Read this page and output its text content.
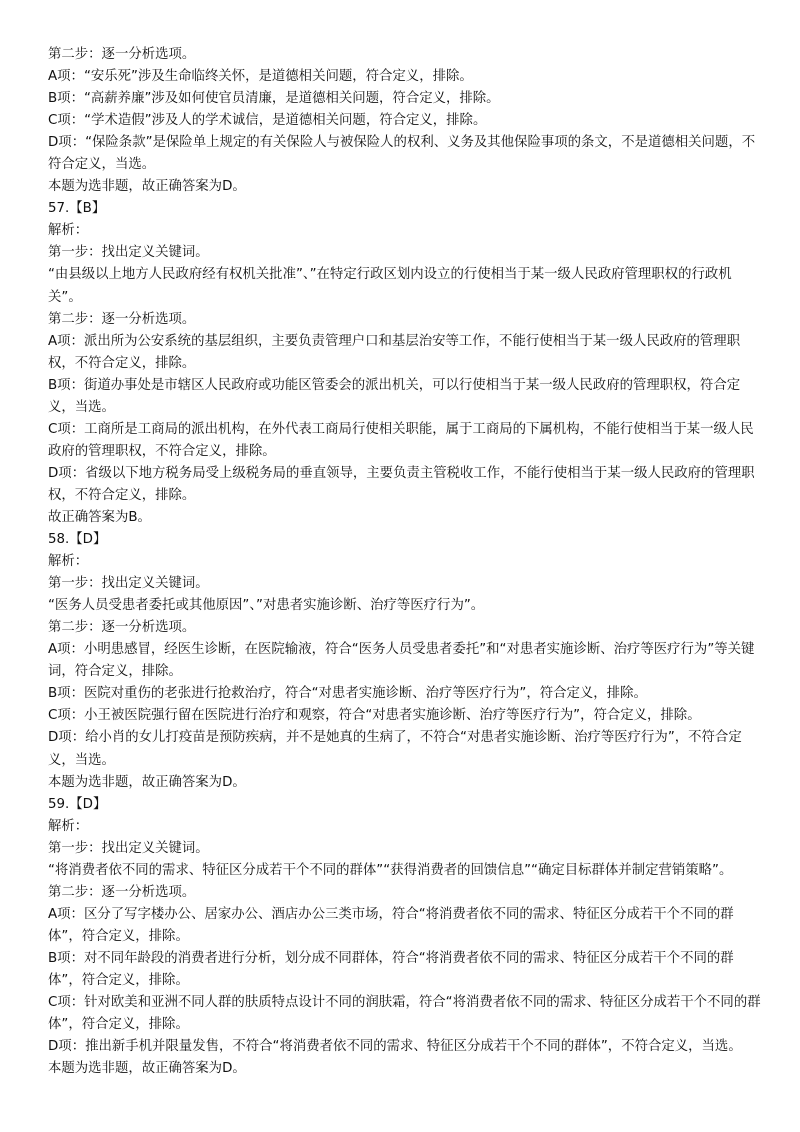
第二步：逐一分析选项。

A项：“安乐死”涉及生命临终关怀，是道德相关问题，符合定义，排除。

B项：“高薪养廉”涉及如何使官员清廉，是道德相关问题，符合定义，排除。

C项：“学术造假”涉及人的学术诚信，是道德相关问题，符合定义，排除。

D项：“保险条款”是保险单上规定的有关保险人与被保险人的权利、义务及其他保险事项的条文，不是道德相关问题，不符合定义，当选。

本题为选非题，故正确答案为D。

57.【B】

解析：

第一步：找出定义关键词。

“由县级以上地方人民政府经有权机关批准”、”在特定行政区划内设立的行使相当于某一级人民政府管理职权的行政机关”。

第二步：逐一分析选项。

A项：派出所为公安系统的基层组织，主要负责管理户口和基层治安等工作，不能行使相当于某一级人民政府的管理职权，不符合定义，排除。

B项：街道办事处是市辖区人民政府或功能区管委会的派出机关，可以行使相当于某一级人民政府的管理职权，符合定义，当选。

C项：工商所是工商局的派出机构，在外代表工商局行使相关职能，属于工商局的下属机构，不能行使相当于某一级人民政府的管理职权，不符合定义，排除。

D项：省级以下地方税务局受上级税务局的垂直领导，主要负责主管税收工作，不能行使相当于某一级人民政府的管理职权，不符合定义，排除。

故正确答案为B。

58.【D】

解析：

第一步：找出定义关键词。

“医务人员受患者委托或其他原因”、”对患者实施诊断、治疗等医疗行为”。

第二步：逐一分析选项。

A项：小明患感冒，经医生诊断，在医院输液，符合“医务人员受患者委托”和“对患者实施诊断、治疗等医疗行为”等关键词，符合定义，排除。

B项：医院对重伤的老张进行抢救治疗，符合“对患者实施诊断、治疗等医疗行为”，符合定义，排除。

C项：小王被医院强行留在医院进行治疗和观察，符合“对患者实施诊断、治疗等医疗行为”，符合定义，排除。

D项：给小肖的女儿打疫苗是预防疾病，并不是她真的生病了，不符合“对患者实施诊断、治疗等医疗行为”，不符合定义，当选。

本题为选非题，故正确答案为D。

59.【D】

解析：

第一步：找出定义关键词。

“将消费者依不同的需求、特征区分成若干个不同的群体”“获得消费者的回馈信息”“确定目标群体并制定营销策略”。

第二步：逐一分析选项。

A项：区分了写字楼办公、居家办公、酒店办公三类市场，符合“将消费者依不同的需求、特征区分成若干个不同的群体”，符合定义，排除。

B项：对不同年龄段的消费者进行分析，划分成不同群体，符合“将消费者依不同的需求、特征区分成若干个不同的群体”，符合定义，排除。

C项：针对欧美和亚洲不同人群的肤质特点设计不同的润肤霜，符合“将消费者依不同的需求、特征区分成若干个不同的群体”，符合定义，排除。

D项：推出新手机并限量发售，不符合“将消费者依不同的需求、特征区分成若干个不同的群体”，不符合定义，当选。

本题为选非题，故正确答案为D。
